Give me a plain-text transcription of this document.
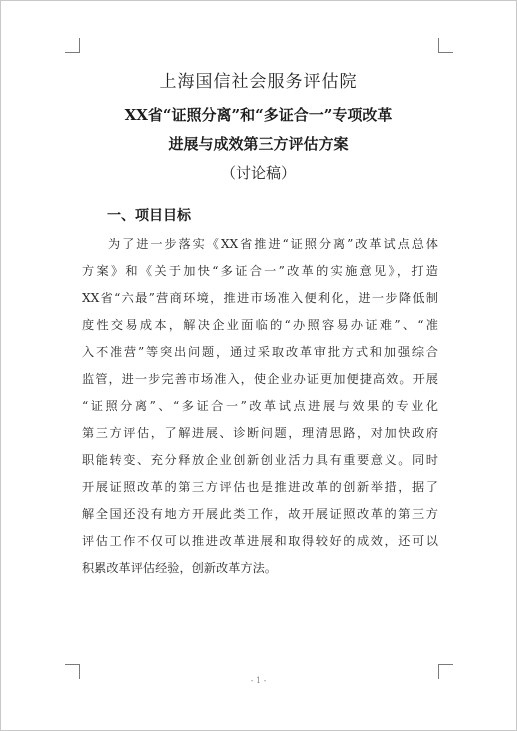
上海国信社会服务评估院
XX省“证照分离”和“多证合一”专项改革
进展与成效第三方评估方案
（讨论稿）
一、项目目标
为了进一步落实《XX省推进“证照分离”改革试点总体
方案》和《关于加快“多证合一”改革的实施意见》，打造
XX省“六最”营商环境，推进市场准入便利化，进一步降低制
度性交易成本，解决企业面临的“办照容易办证难”、“准
入不准营”等突出问题，通过采取改革审批方式和加强综合
监管，进一步完善市场准入，使企业办证更加便捷高效。开展
“证照分离”、“多证合一”改革试点进展与效果的专业化
第三方评估，了解进展、诊断问题，理清思路，对加快政府
职能转变、充分释放企业创新创业活力具有重要意义。同时
开展证照改革的第三方评估也是推进改革的创新举措，据了
解全国还没有地方开展此类工作，故开展证照改革的第三方
评估工作不仅可以推进改革进展和取得较好的成效，还可以
积累改革评估经验，创新改革方法。
- 1 -
